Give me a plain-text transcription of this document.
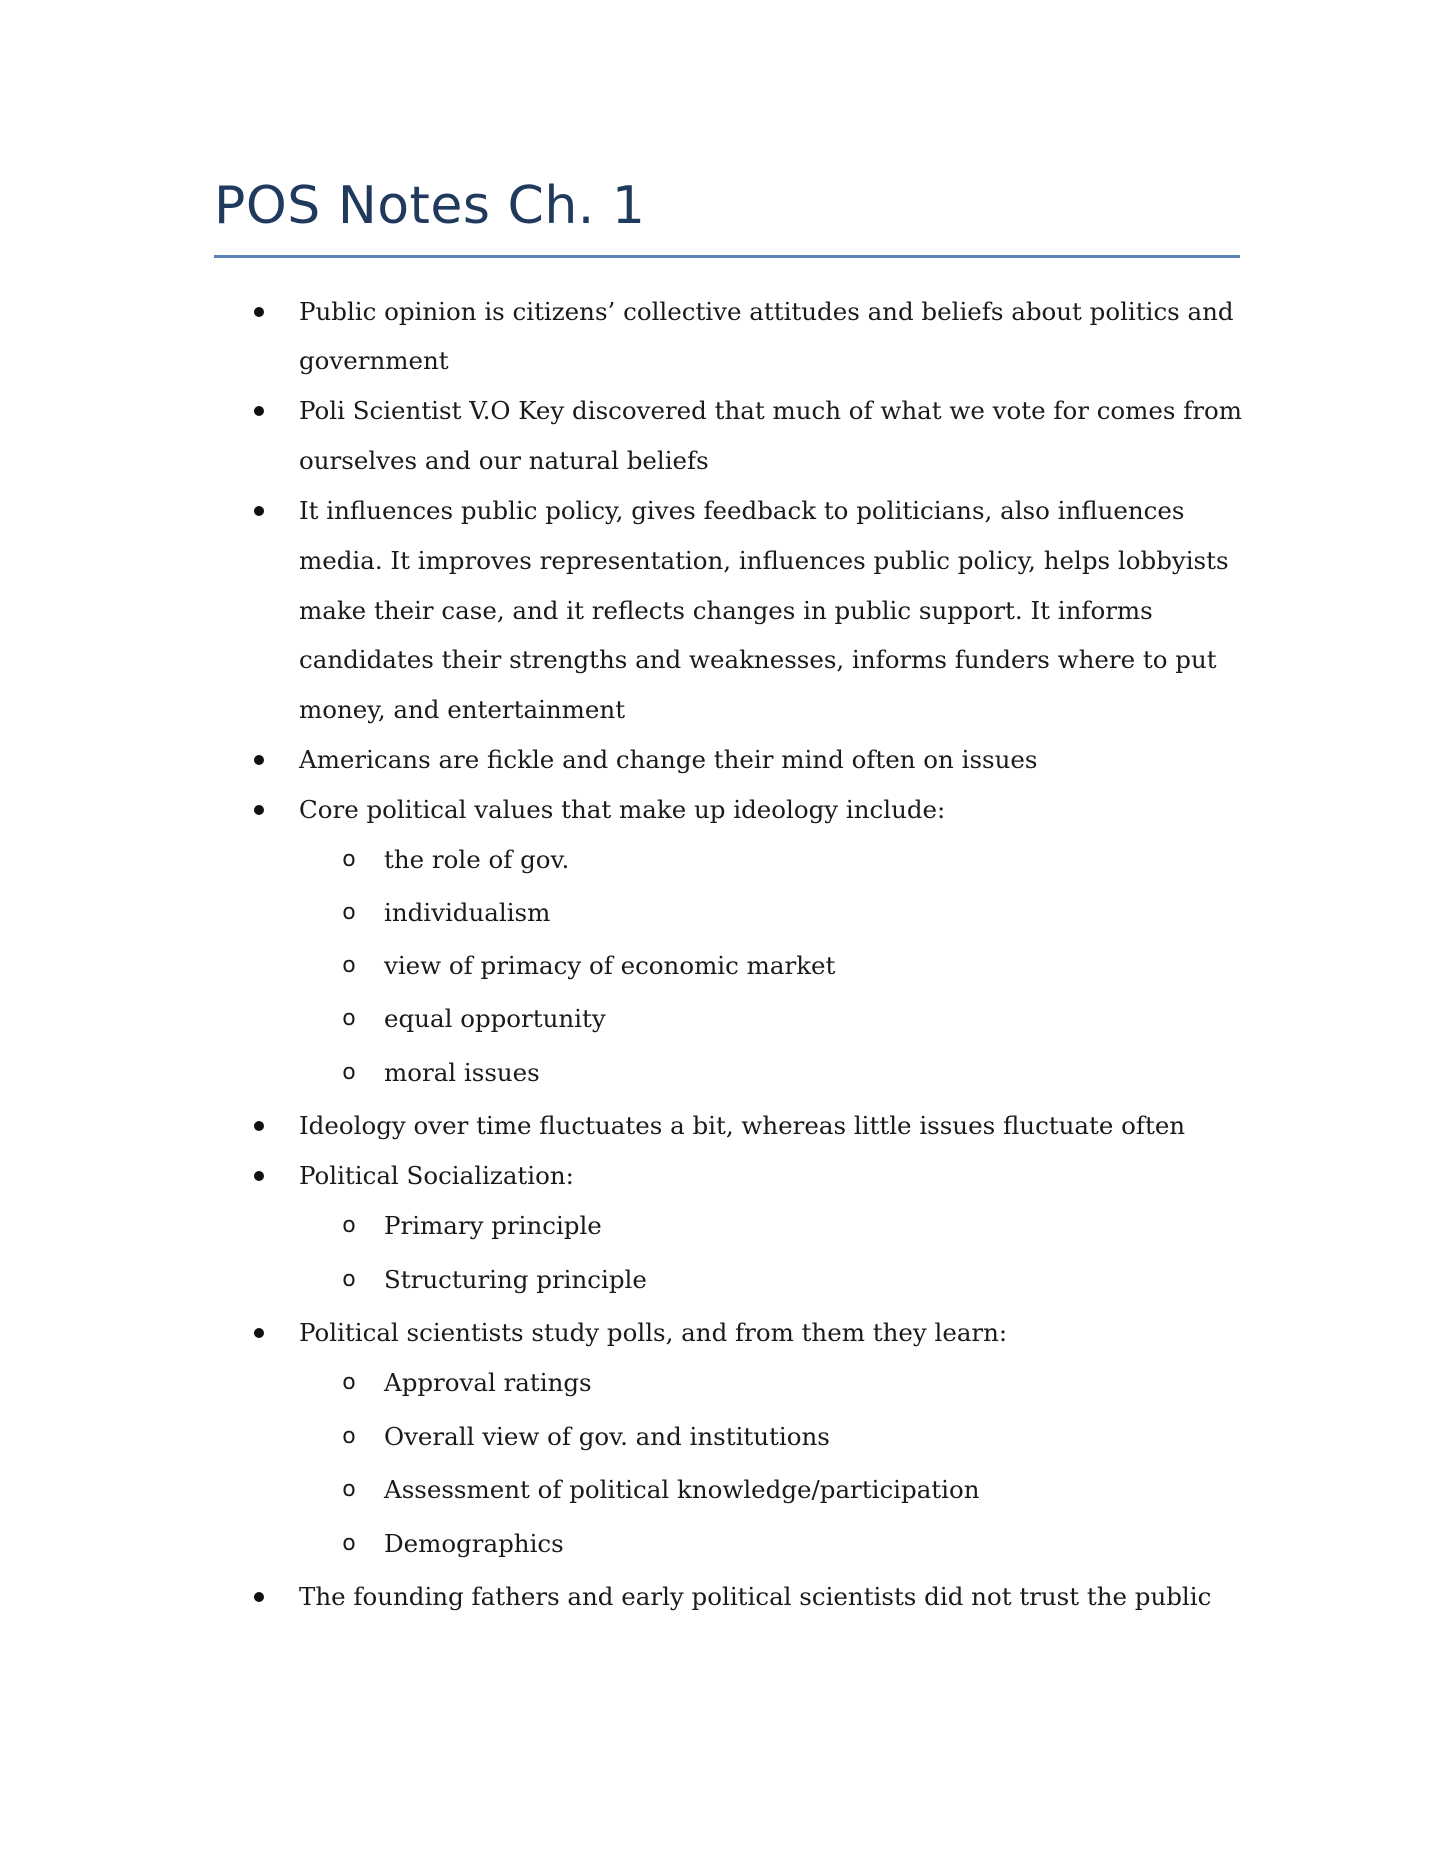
POS Notes Ch. 1
Public opinion is citizens’ collective attitudes and beliefs about politics and
government
Poli Scientist V.O Key discovered that much of what we vote for comes from
ourselves and our natural beliefs
It influences public policy, gives feedback to politicians, also influences
media. It improves representation, influences public policy, helps lobbyists
make their case, and it reflects changes in public support. It informs
candidates their strengths and weaknesses, informs funders where to put
money, and entertainment
Americans are fickle and change their mind often on issues
Core political values that make up ideology include:
o the role of gov.
o individualism
o view of primacy of economic market
o equal opportunity
o moral issues
Ideology over time fluctuates a bit, whereas little issues fluctuate often
Political Socialization:
o Primary principle
o Structuring principle
Political scientists study polls, and from them they learn:
o Approval ratings
o Overall view of gov. and institutions
o Assessment of political knowledge/participation
o Demographics
The founding fathers and early political scientists did not trust the public
